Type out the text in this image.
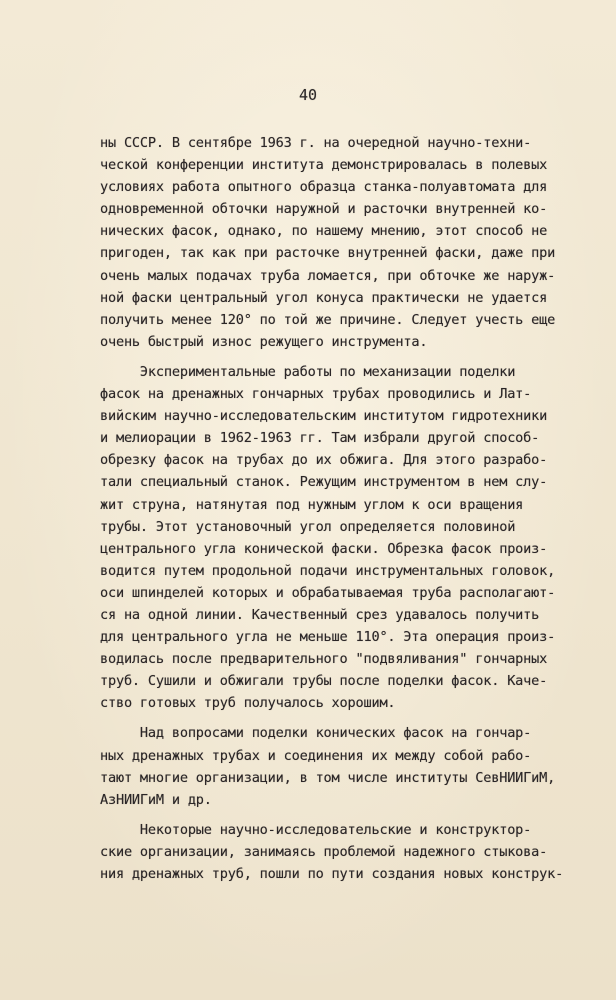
40

ны СССР. В сентябре 1963 г. на очередной научно-техни-
ческой конференции института демонстрировалась в полевых
условиях работа опытного образца станка-полуавтомата для
одновременной обточки наружной и расточки внутренней ко-
нических фасок, однако, по нашему мнению, этот способ не
пригоден, так как при расточке внутренней фаски, даже при
очень малых подачах труба ломается, при обточке же наруж-
ной фаски центральный угол конуса практически не удается
получить менее 120° по той же причине. Следует учесть еще
очень быстрый износ режущего инструмента.
Экспериментальные работы по механизации поделки
фасок на дренажных гончарных трубах проводились и Лат-
вийским научно-исследовательским институтом гидротехники
и мелиорации в 1962-1963 гг. Там избрали другой способ-
обрезку фасок на трубах до их обжига. Для этого разрабо-
тали специальный станок. Режущим инструментом в нем слу-
жит струна, натянутая под нужным углом к оси вращения
трубы. Этот установочный угол определяется половиной
центрального угла конической фаски. Обрезка фасок произ-
водится путем продольной подачи инструментальных головок,
оси шпинделей которых и обрабатываемая труба располагают-
ся на одной линии. Качественный срез удавалось получить
для центрального угла не меньше 110°. Эта операция произ-
водилась после предварительного "подвяливания" гончарных
труб. Сушили и обжигали трубы после поделки фасок. Каче-
ство готовых труб получалось хорошим.
Над вопросами поделки конических фасок на гончар-
ных дренажных трубах и соединения их между собой рабо-
тают многие организации, в том числе институты СевНИИГиМ,
АзНИИГиМ и др.
Некоторые научно-исследовательские и конструктор-
ские организации, занимаясь проблемой надежного стыкова-
ния дренажных труб, пошли по пути создания новых конструк-
